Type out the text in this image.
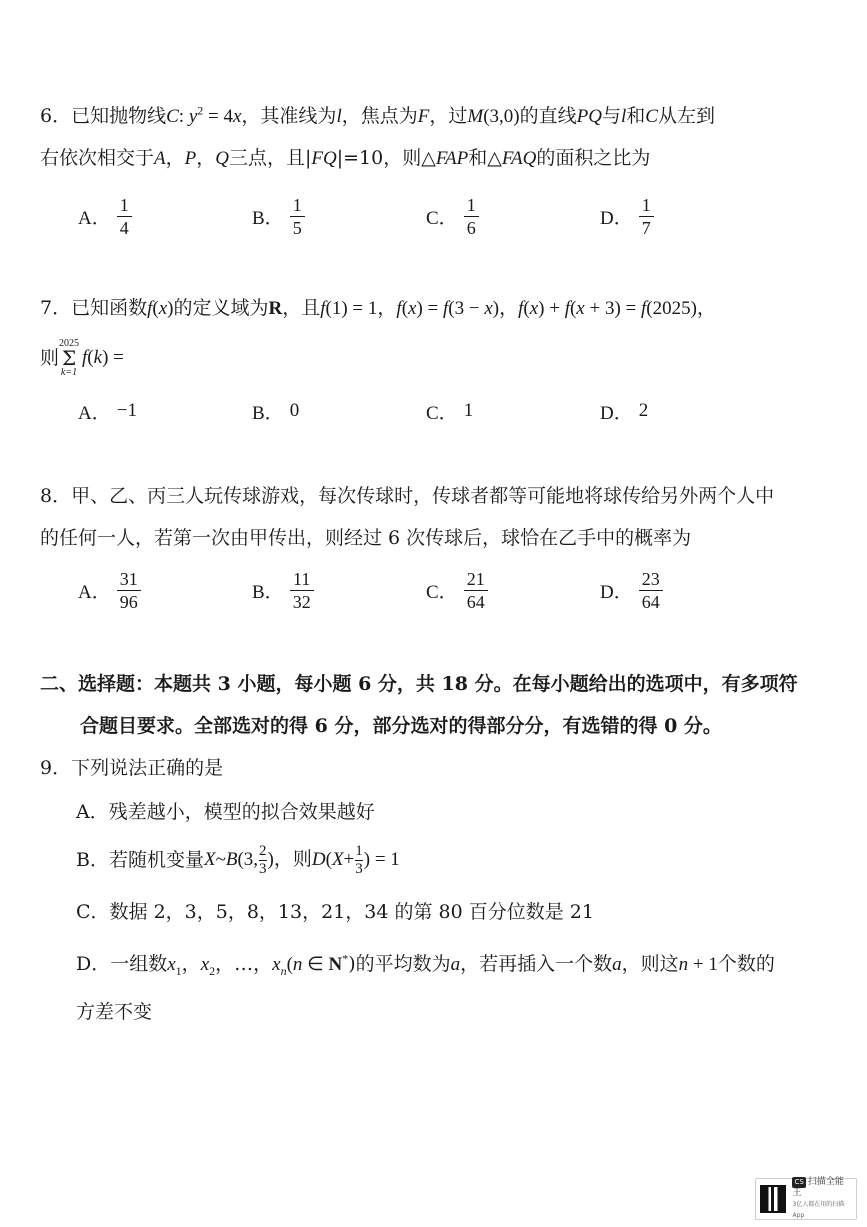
6．已知抛物线C: $y^2 = 4x$，其准线为l，焦点为F，过M(3,0)的直线PQ与l和C从左到
右依次相交于A，P，Q三点，且|FQ|=10，则△FAP和△FAQ的面积之比为
A． $\frac{1}{4}$	B． $\frac{1}{5}$	C． $\frac{1}{6}$	D． $\frac{1}{7}$
7．已知函数f(x)的定义域为R，且f(1) = 1，f(x) = f(3 − x)，f(x) + f(x + 3) = f(2025)，
则
2025
Σ
k=1
f ( k ) =
A． −1	B． 0	C． 1	D． 2
8．甲、乙、丙三人玩传球游戏，每次传球时，传球者都等可能地将球传给另外两个人中
的任何一人，若第一次由甲传出，则经过 6 次传球后，球恰在乙手中的概率为
A． $\frac{31}{96}$	B． $\frac{11}{32}$	C． $\frac{21}{64}$	D． $\frac{23}{64}$
二、选择题：本题共 3 小题，每小题 6 分，共 18 分。在每小题给出的选项中，有多项符
合题目要求。全部选对的得 6 分，部分选对的得部分分，有选错的得 0 分。
9．下列说法正确的是
A．残差越小，模型的拟合效果越好
B．若随机变量 X ~ B (3, 2
3 )，则 D ( $X + \frac{1}{3}$ ) = 1
C．数据 2，3，5，8，13，21，34 的第 80 百分位数是 21
D．一组数$x_1$，$x_2$，…，$x_n(n$ ∈ N*)的平均数为a，若再插入一个数a，则这n + 1个数的
方差不变
CS 扫描全能王
3亿人都在用的扫描App
